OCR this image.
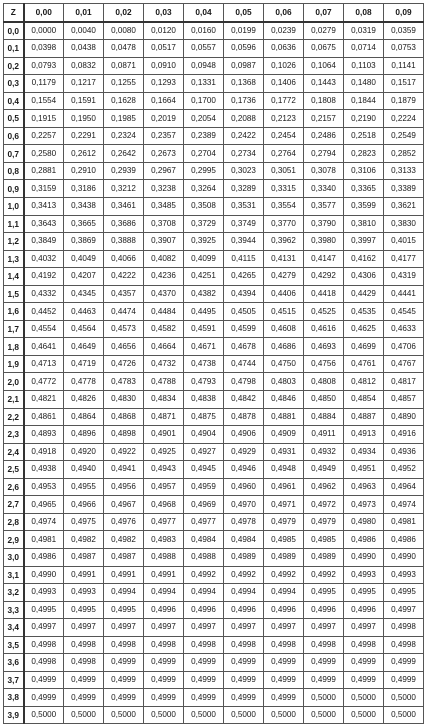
Z	0,00	0,01	0,02	0,03	0,04	0,05	0,06	0,07	0,08	0,09
0,0	0,0000	0,0040	0,0080	0,0120	0,0160	0,0199	0,0239	0,0279	0,0319	0,0359
0,1	0,0398	0,0438	0,0478	0,0517	0,0557	0,0596	0,0636	0,0675	0,0714	0,0753
0,2	0,0793	0,0832	0,0871	0,0910	0,0948	0,0987	0,1026	0,1064	0,1103	0,1141
0,3	0,1179	0,1217	0,1255	0,1293	0,1331	0,1368	0,1406	0,1443	0,1480	0,1517
0,4	0,1554	0,1591	0,1628	0,1664	0,1700	0,1736	0,1772	0,1808	0,1844	0,1879
0,5	0,1915	0,1950	0,1985	0,2019	0,2054	0,2088	0,2123	0,2157	0,2190	0,2224
0,6	0,2257	0,2291	0,2324	0,2357	0,2389	0,2422	0,2454	0,2486	0,2518	0,2549
0,7	0,2580	0,2612	0,2642	0,2673	0,2704	0,2734	0,2764	0,2794	0,2823	0,2852
0,8	0,2881	0,2910	0,2939	0,2967	0,2995	0,3023	0,3051	0,3078	0,3106	0,3133
0,9	0,3159	0,3186	0,3212	0,3238	0,3264	0,3289	0,3315	0,3340	0,3365	0,3389
1,0	0,3413	0,3438	0,3461	0,3485	0,3508	0,3531	0,3554	0,3577	0,3599	0,3621
1,1	0,3643	0,3665	0,3686	0,3708	0,3729	0,3749	0,3770	0,3790	0,3810	0,3830
1,2	0,3849	0,3869	0,3888	0,3907	0,3925	0,3944	0,3962	0,3980	0,3997	0,4015
1,3	0,4032	0,4049	0,4066	0,4082	0,4099	0,4115	0,4131	0,4147	0,4162	0,4177
1,4	0,4192	0,4207	0,4222	0,4236	0,4251	0,4265	0,4279	0,4292	0,4306	0,4319
1,5	0,4332	0,4345	0,4357	0,4370	0,4382	0,4394	0,4406	0,4418	0,4429	0,4441
1,6	0,4452	0,4463	0,4474	0,4484	0,4495	0,4505	0,4515	0,4525	0,4535	0,4545
1,7	0,4554	0,4564	0,4573	0,4582	0,4591	0,4599	0,4608	0,4616	0,4625	0,4633
1,8	0,4641	0,4649	0,4656	0,4664	0,4671	0,4678	0,4686	0,4693	0,4699	0,4706
1,9	0,4713	0,4719	0,4726	0,4732	0,4738	0,4744	0,4750	0,4756	0,4761	0,4767
2,0	0,4772	0,4778	0,4783	0,4788	0,4793	0,4798	0,4803	0,4808	0,4812	0,4817
2,1	0,4821	0,4826	0,4830	0,4834	0,4838	0,4842	0,4846	0,4850	0,4854	0,4857
2,2	0,4861	0,4864	0,4868	0,4871	0,4875	0,4878	0,4881	0,4884	0,4887	0,4890
2,3	0,4893	0,4896	0,4898	0,4901	0,4904	0,4906	0,4909	0,4911	0,4913	0,4916
2,4	0,4918	0,4920	0,4922	0,4925	0,4927	0,4929	0,4931	0,4932	0,4934	0,4936
2,5	0,4938	0,4940	0,4941	0,4943	0,4945	0,4946	0,4948	0,4949	0,4951	0,4952
2,6	0,4953	0,4955	0,4956	0,4957	0,4959	0,4960	0,4961	0,4962	0,4963	0,4964
2,7	0,4965	0,4966	0,4967	0,4968	0,4969	0,4970	0,4971	0,4972	0,4973	0,4974
2,8	0,4974	0,4975	0,4976	0,4977	0,4977	0,4978	0,4979	0,4979	0,4980	0,4981
2,9	0,4981	0,4982	0,4982	0,4983	0,4984	0,4984	0,4985	0,4985	0,4986	0,4986
3,0	0,4986	0,4987	0,4987	0,4988	0,4988	0,4989	0,4989	0,4989	0,4990	0,4990
3,1	0,4990	0,4991	0,4991	0,4991	0,4992	0,4992	0,4992	0,4992	0,4993	0,4993
3,2	0,4993	0,4993	0,4994	0,4994	0,4994	0,4994	0,4994	0,4995	0,4995	0,4995
3,3	0,4995	0,4995	0,4995	0,4996	0,4996	0,4996	0,4996	0,4996	0,4996	0,4997
3,4	0,4997	0,4997	0,4997	0,4997	0,4997	0,4997	0,4997	0,4997	0,4997	0,4998
3,5	0,4998	0,4998	0,4998	0,4998	0,4998	0,4998	0,4998	0,4998	0,4998	0,4998
3,6	0,4998	0,4998	0,4999	0,4999	0,4999	0,4999	0,4999	0,4999	0,4999	0,4999
3,7	0,4999	0,4999	0,4999	0,4999	0,4999	0,4999	0,4999	0,4999	0,4999	0,4999
3,8	0,4999	0,4999	0,4999	0,4999	0,4999	0,4999	0,4999	0,5000	0,5000	0,5000
3,9	0,5000	0,5000	0,5000	0,5000	0,5000	0,5000	0,5000	0,5000	0,5000	0,5000
